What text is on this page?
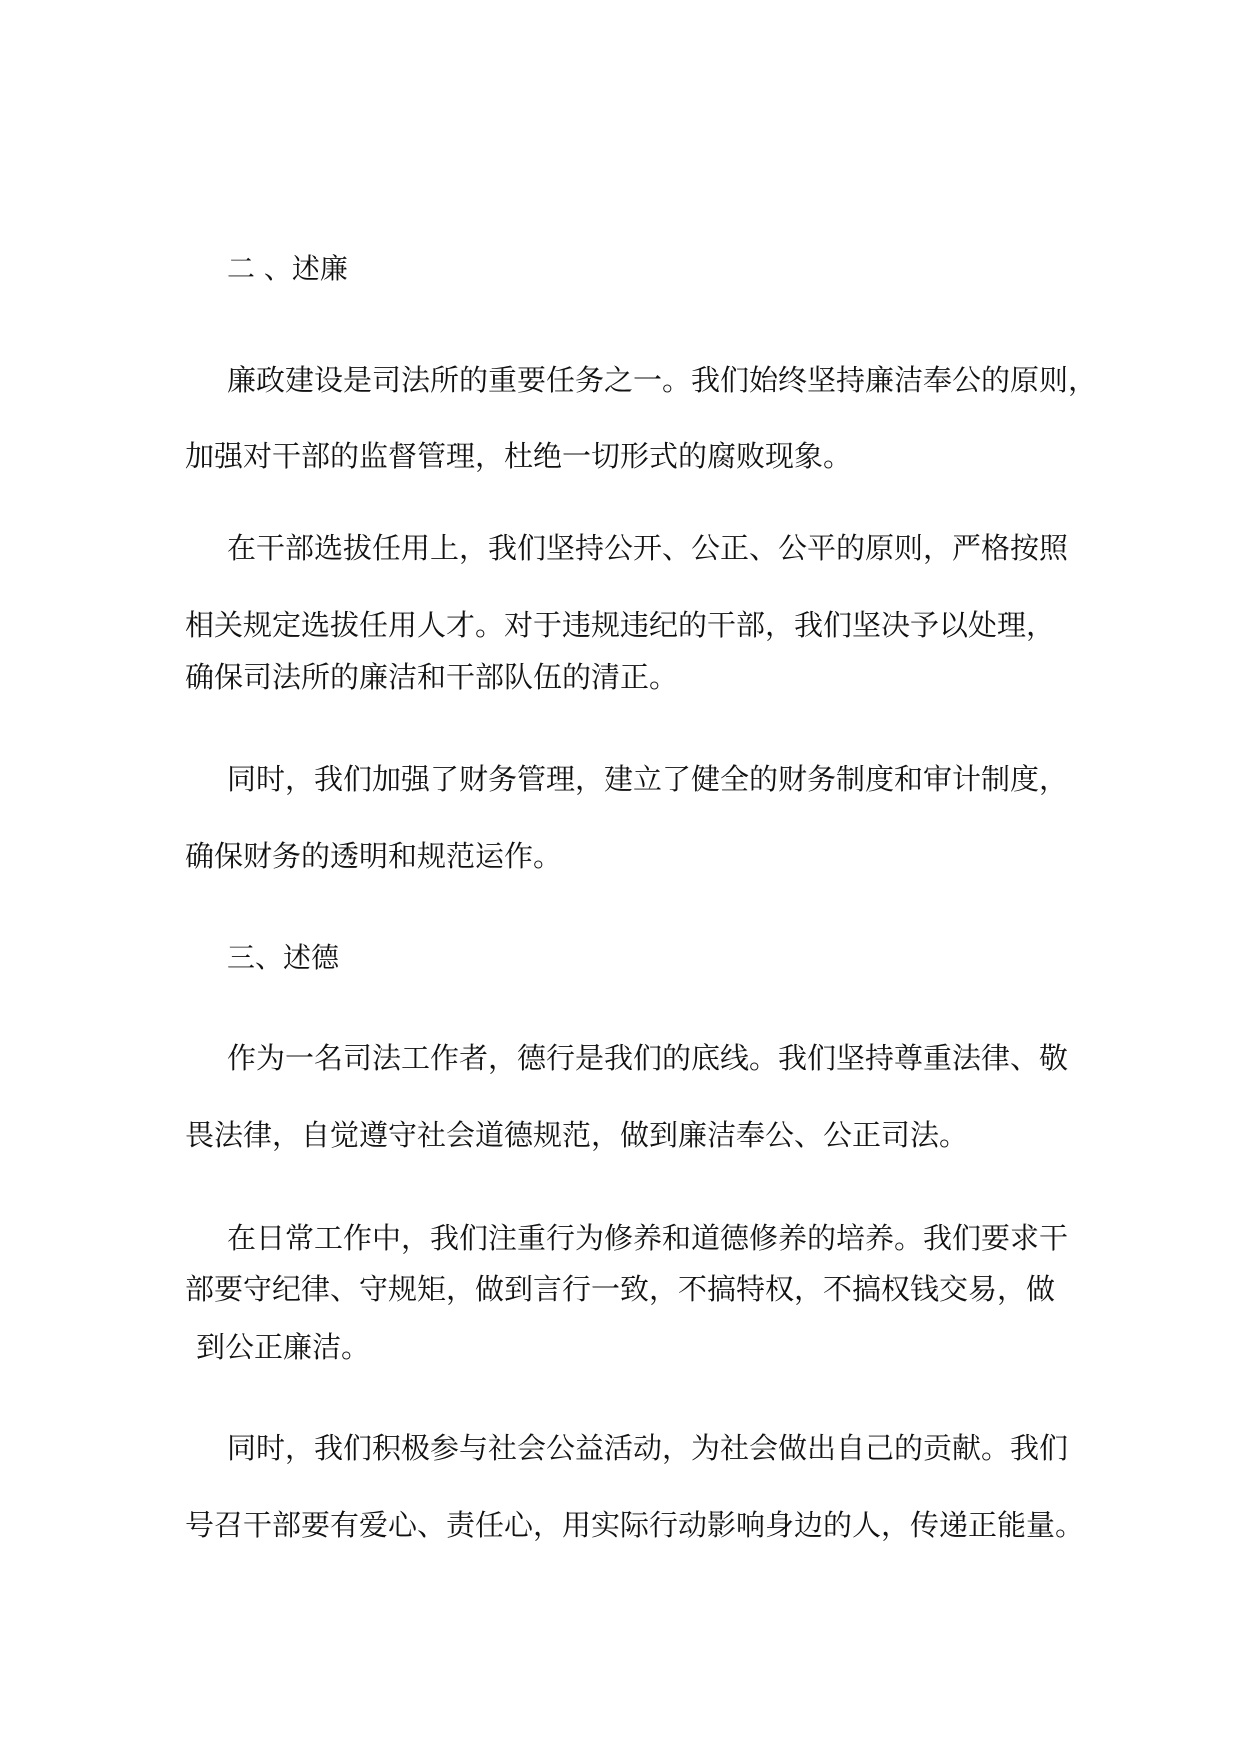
二 、述廉

廉政建设是司法所的重要任务之一。我们始终坚持廉洁奉公的原则，

加强对干部的监督管理，杜绝一切形式的腐败现象。

在干部选拔任用上，我们坚持公开、公正、公平的原则，严格按照

相关规定选拔任用人才。对于违规违纪的干部，我们坚决予以处理，

确保司法所的廉洁和干部队伍的清正。

同时，我们加强了财务管理，建立了健全的财务制度和审计制度，

确保财务的透明和规范运作。

三、述德

作为一名司法工作者，德行是我们的底线。我们坚持尊重法律、敬

畏法律，自觉遵守社会道德规范，做到廉洁奉公、公正司法。

在日常工作中，我们注重行为修养和道德修养的培养。我们要求干

部要守纪律、守规矩，做到言行一致，不搞特权，不搞权钱交易，做

到公正廉洁。

同时，我们积极参与社会公益活动，为社会做出自己的贡献。我们

号召干部要有爱心、责任心，用实际行动影响身边的人，传递正能量。
